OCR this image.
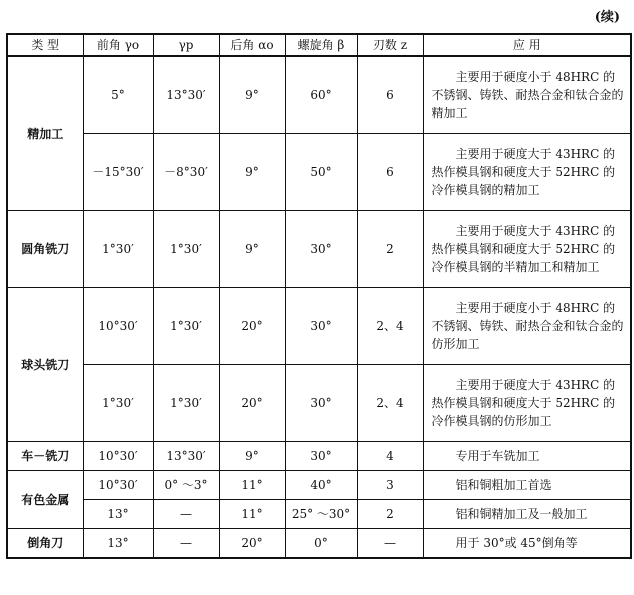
(续)
类 型	前角 γo	γp	后角 αo	螺旋角 β	刃数 z	应 用
精加工	5°	13°30′	9°	60°	6	主要用于硬度小于 48HRC 的不锈钢、铸铁、耐热合金和钛合金的精加工
	－15°30′	－8°30′	9°	50°	6	主要用于硬度大于 43HRC 的热作模具钢和硬度大于 52HRC 的冷作模具钢的精加工
圆角铣刀	1°30′	1°30′	9°	30°	2	主要用于硬度大于 43HRC 的热作模具钢和硬度大于 52HRC 的冷作模具钢的半精加工和精加工
球头铣刀	10°30′	1°30′	20°	30°	2、4	主要用于硬度小于 48HRC 的不锈钢、铸铁、耐热合金和钛合金的仿形加工
	1°30′	1°30′	20°	30°	2、4	主要用于硬度大于 43HRC 的热作模具钢和硬度大于 52HRC 的冷作模具钢的仿形加工
车－铣刀	10°30′	13°30′	9°	30°	4	专用于车铣加工
有色金属	10°30′	0° ～3°	11°	40°	3	铝和铜粗加工首选
	13°	—	11°	25° ～30°	2	铝和铜精加工及一般加工
倒角刀	13°	—	20°	0°	—	用于 30°或 45°倒角等
